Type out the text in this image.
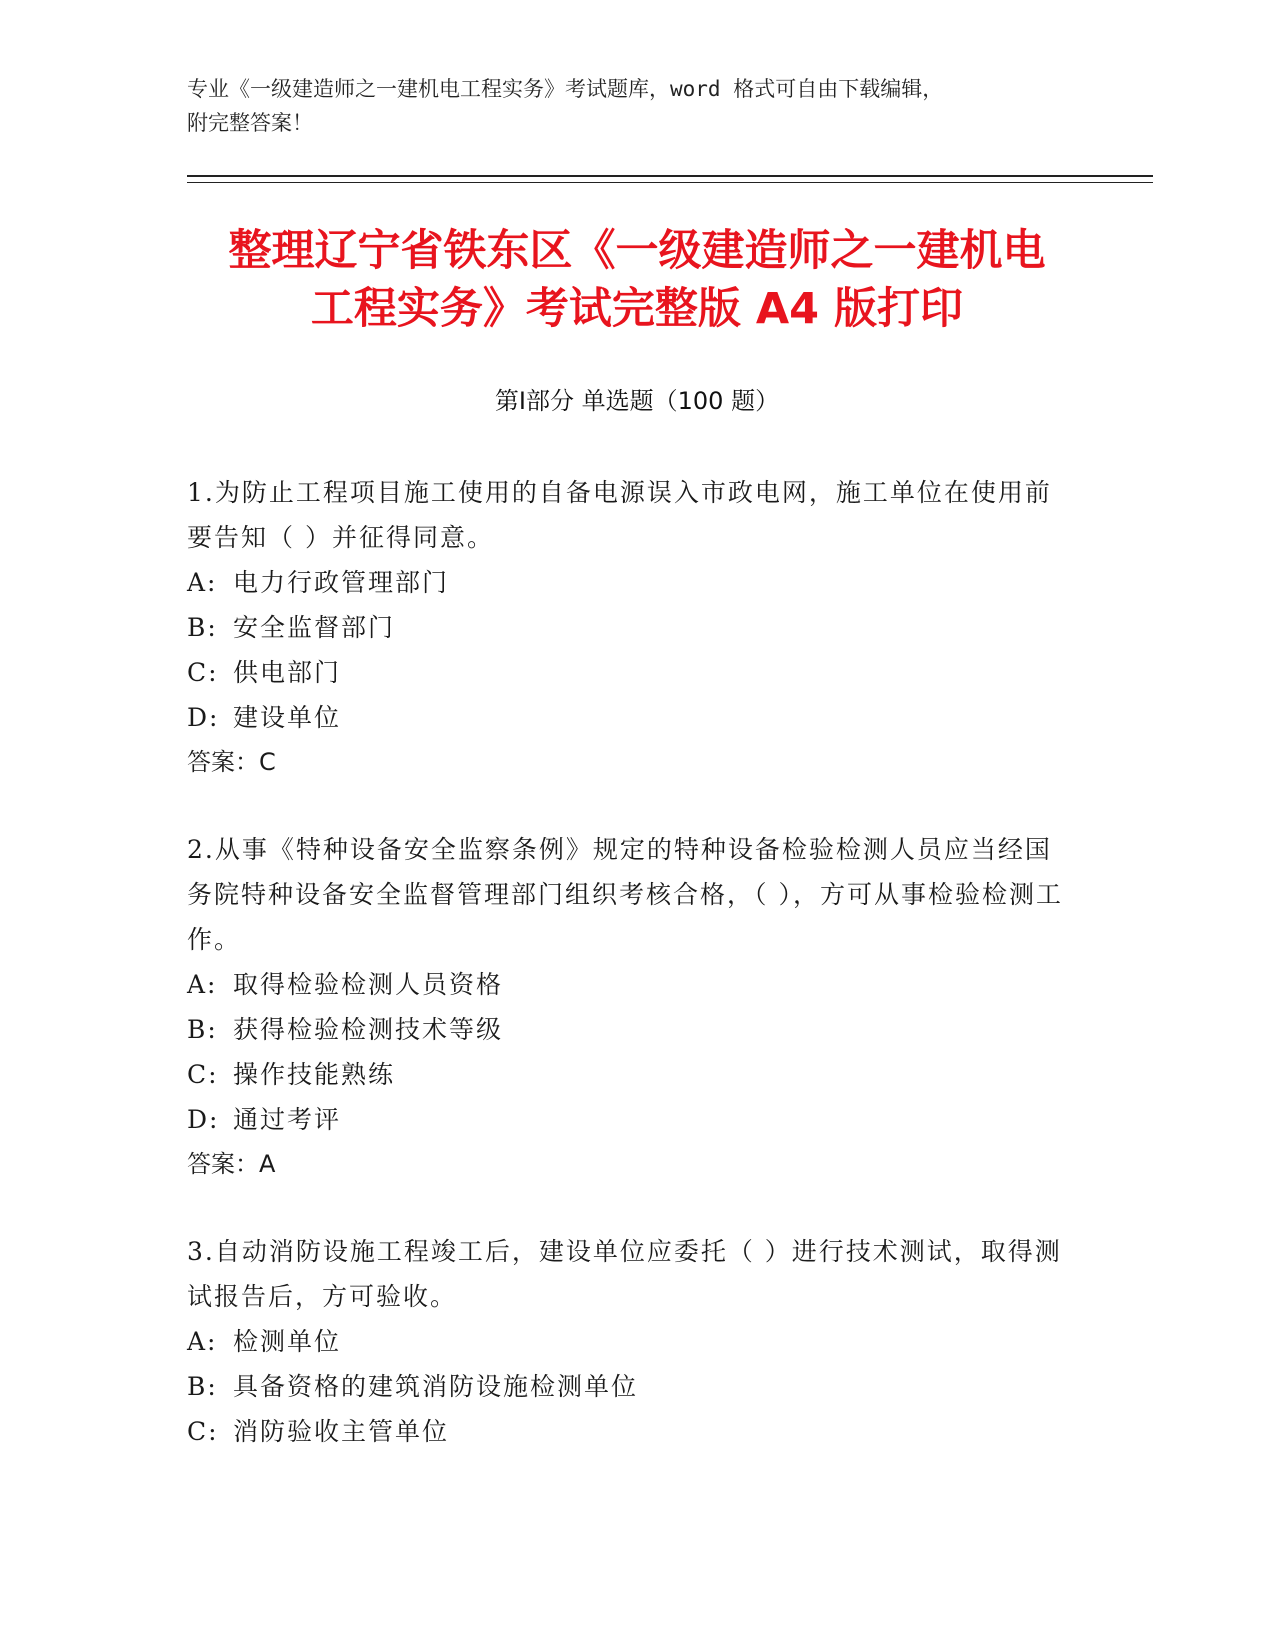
专业《一级建造师之一建机电工程实务》考试题库，word 格式可自由下载编辑，
附完整答案！
整理辽宁省铁东区《一级建造师之一建机电
工程实务》考试完整版 A4 版打印
第Ⅰ部分 单选题（100 题）

1.为防止工程项目施工使用的自备电源误入市政电网，施工单位在使用前要告知（ ）并征得同意。

A: 电力行政管理部门
B: 安全监督部门
C: 供电部门
D: 建设单位

答案：C

2.从事《特种设备安全监察条例》规定的特种设备检验检测人员应当经国务院特种设备安全监督管理部门组织考核合格，（ ），方可从事检验检测工作。

A: 取得检验检测人员资格
B: 获得检验检测技术等级
C: 操作技能熟练
D: 通过考评

答案：A

3.自动消防设施工程竣工后，建设单位应委托（ ）进行技术测试，取得测试报告后，方可验收。

A: 检测单位
B: 具备资格的建筑消防设施检测单位
C: 消防验收主管单位
